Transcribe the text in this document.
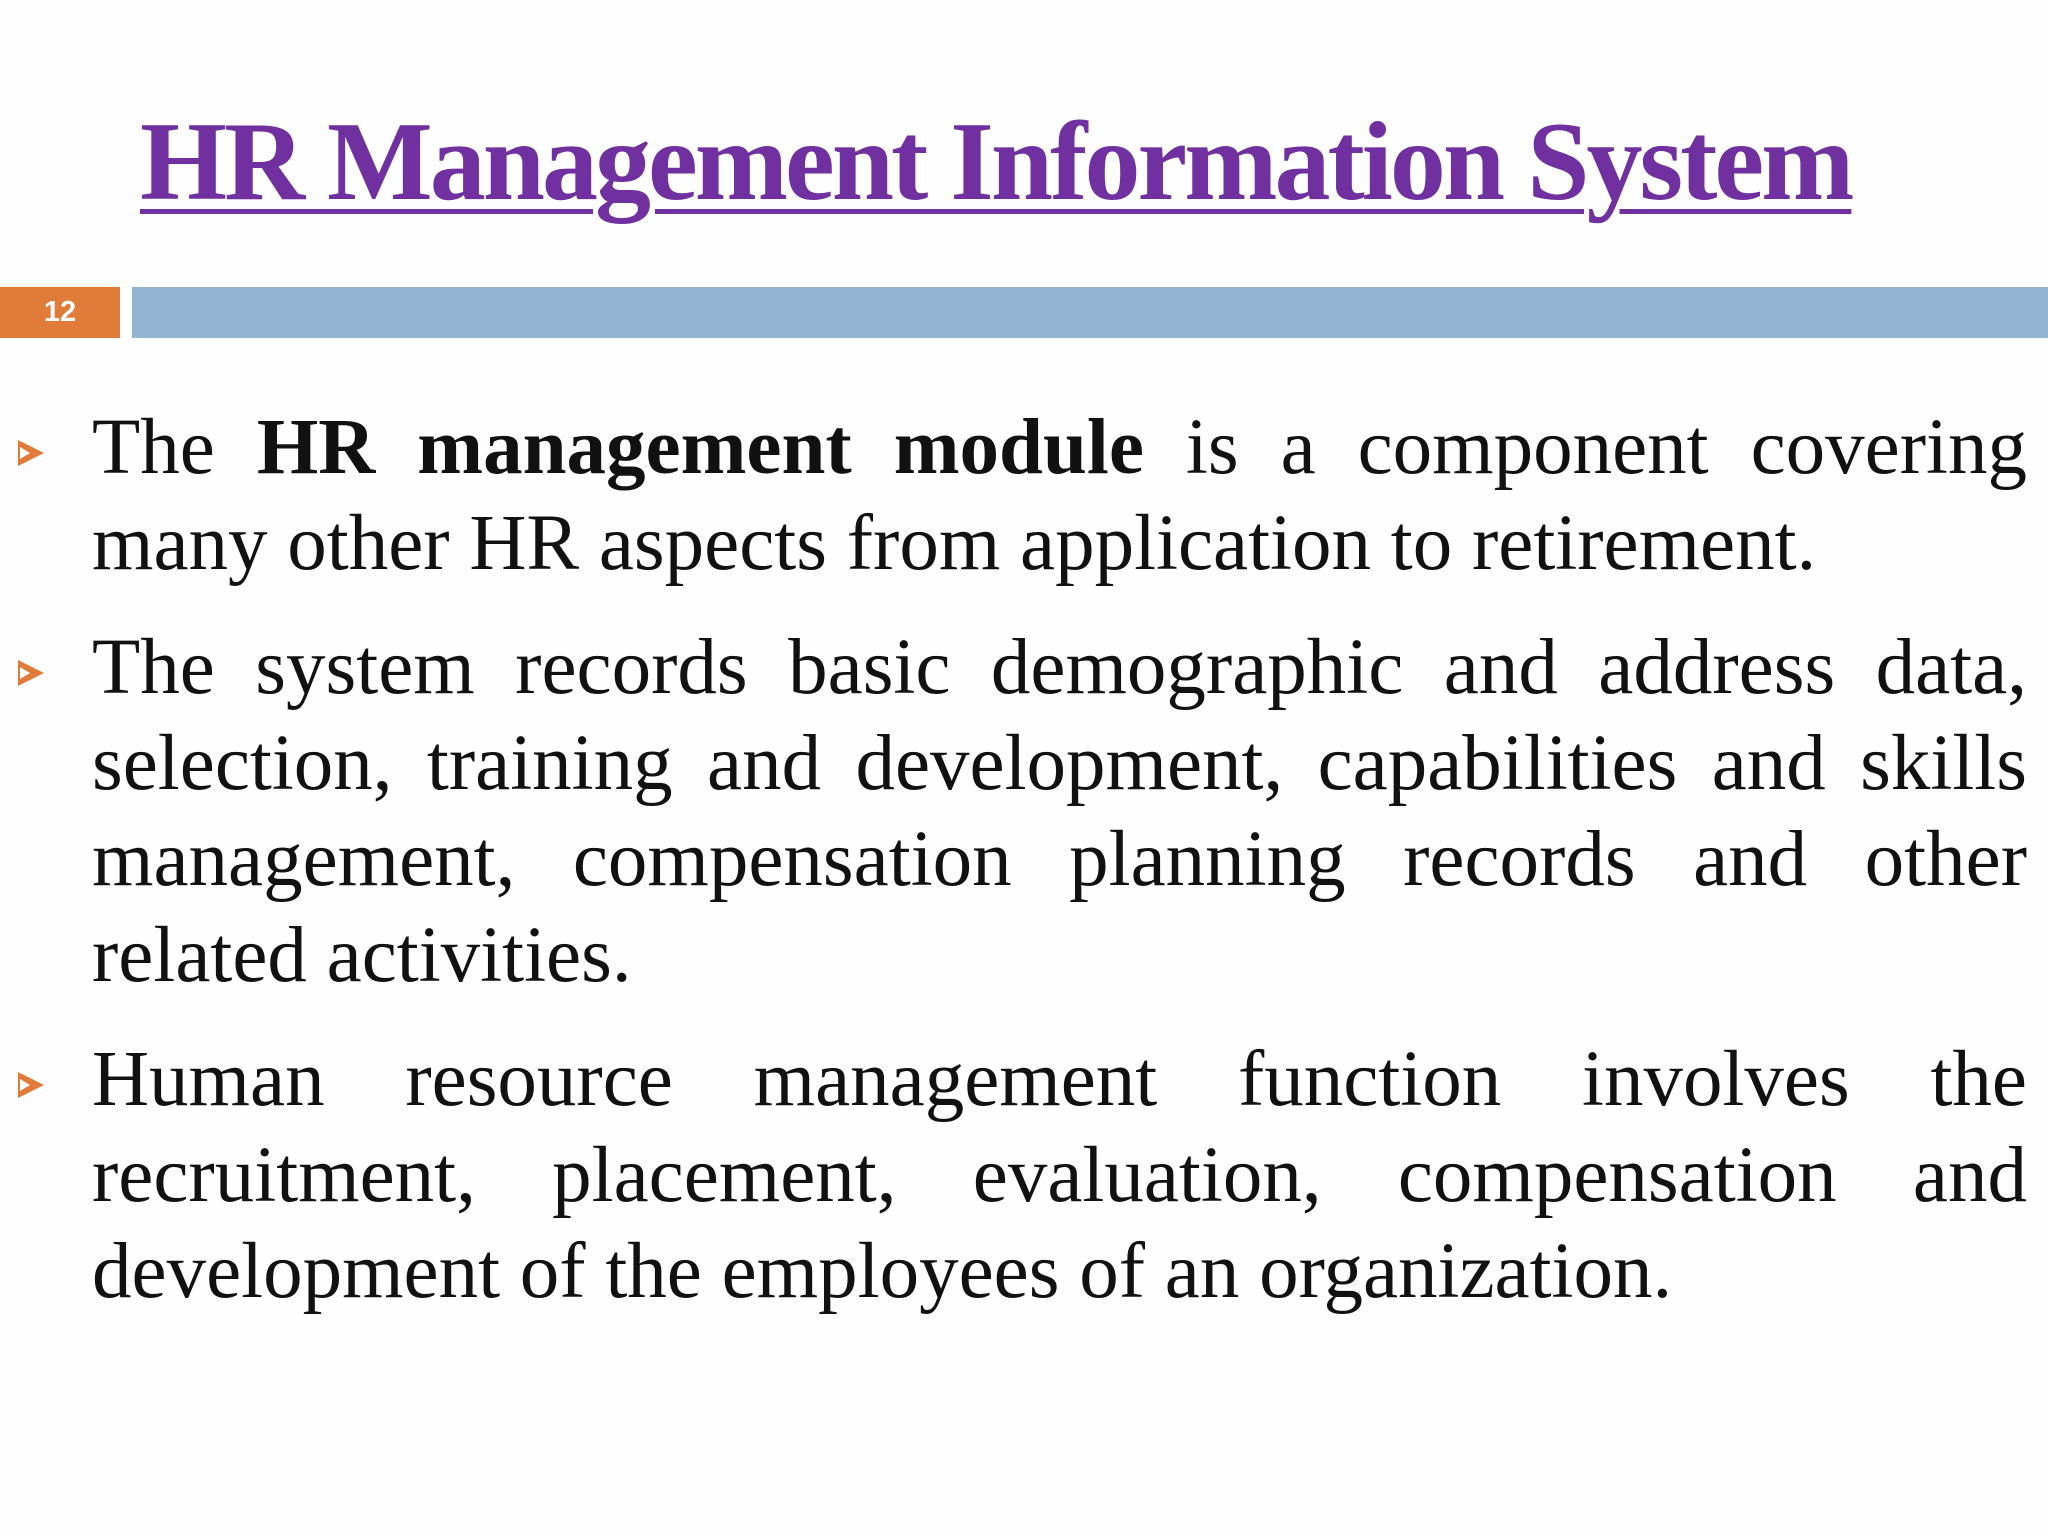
HR Management Information System
12

The HR management module is a component covering many other HR aspects from application to retirement.

The system records basic demographic and address data, selection, training and development, capabilities and skills management, compensation planning records and other related activities.

Human resource management function involves the recruitment, placement, evaluation, compensation and development of the employees of an organization.
